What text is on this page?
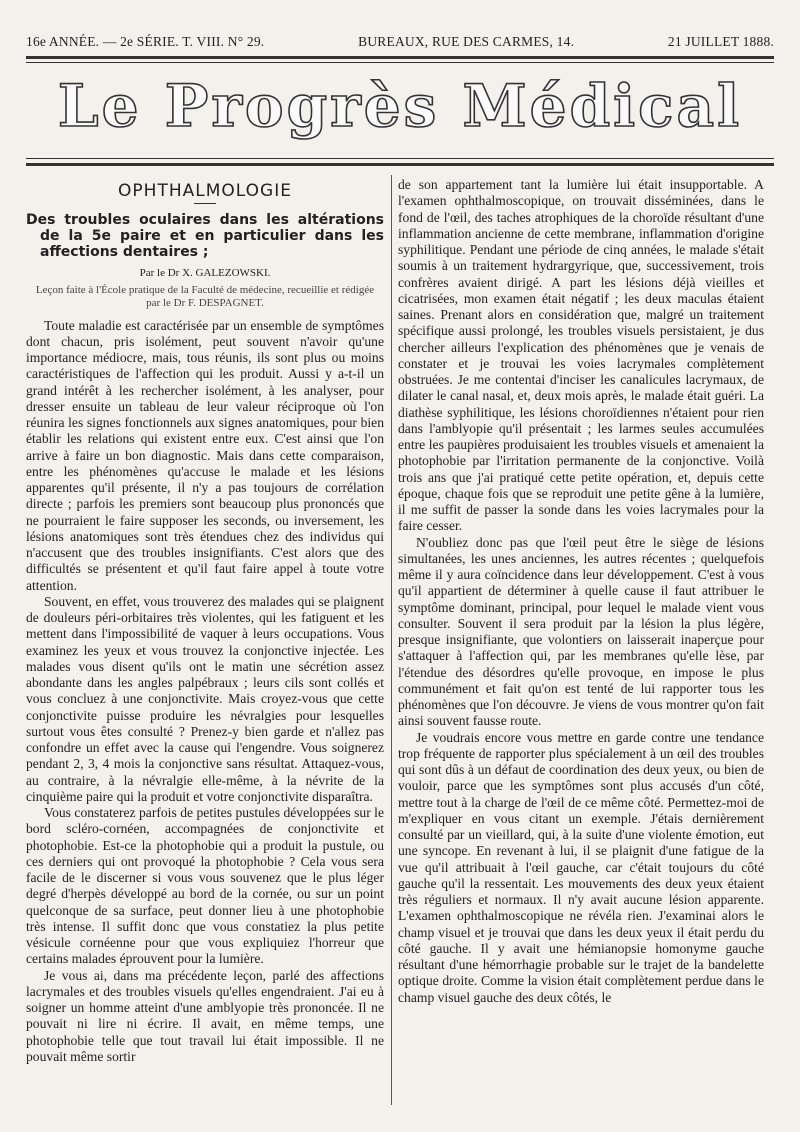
16e ANNÉE. — 2e SÉRIE. T. VIII. N° 29.	BUREAUX, RUE DES CARMES, 14.	21 JUILLET 1888.
Le Progrès Médical
OPHTHALMOLOGIE
Des troubles oculaires dans les altérations de la 5e paire et en particulier dans les affections dentaires ;
Par le Dr X. GALEZOWSKI.
Leçon faite à l'École pratique de la Faculté de médecine, recueillie et rédigée par le Dr F. DESPAGNET.

Toute maladie est caractérisée par un ensemble de symptômes dont chacun, pris isolément, peut souvent n'avoir qu'une importance médiocre, mais, tous réunis, ils sont plus ou moins caractéristiques de l'affection qui les produit. Aussi y a-t-il un grand intérêt à les rechercher isolément, à les analyser, pour dresser ensuite un tableau de leur valeur réciproque où l'on réunira les signes fonctionnels aux signes anatomiques, pour bien établir les relations qui existent entre eux. C'est ainsi que l'on arrive à faire un bon diagnostic. Mais dans cette comparaison, entre les phénomènes qu'accuse le malade et les lésions apparentes qu'il présente, il n'y a pas toujours de corrélation directe ; parfois les premiers sont beaucoup plus prononcés que ne pourraient le faire supposer les seconds, ou inversement, les lésions anatomiques sont très étendues chez des individus qui n'accusent que des troubles insignifiants. C'est alors que des difficultés se présentent et qu'il faut faire appel à toute votre attention.

Souvent, en effet, vous trouverez des malades qui se plaignent de douleurs péri-orbitaires très violentes, qui les fatiguent et les mettent dans l'impossibilité de vaquer à leurs occupations. Vous examinez les yeux et vous trouvez la conjonctive injectée. Les malades vous disent qu'ils ont le matin une sécrétion assez abondante dans les angles palpébraux ; leurs cils sont collés et vous concluez à une conjonctivite. Mais croyez-vous que cette conjonctivite puisse produire les névralgies pour lesquelles surtout vous êtes consulté ? Prenez-y bien garde et n'allez pas confondre un effet avec la cause qui l'engendre. Vous soignerez pendant 2, 3, 4 mois la conjonctive sans résultat. Attaquez-vous, au contraire, à la névralgie elle-même, à la névrite de la cinquième paire qui la produit et votre conjonctivite disparaîtra.

Vous constaterez parfois de petites pustules développées sur le bord scléro-cornéen, accompagnées de conjonctivite et photophobie. Est-ce la photophobie qui a produit la pustule, ou ces derniers qui ont provoqué la photophobie ? Cela vous sera facile de le discerner si vous vous souvenez que le plus léger degré d'herpès développé au bord de la cornée, ou sur un point quelconque de sa surface, peut donner lieu à une photophobie très intense. Il suffit donc que vous constatiez la plus petite vésicule cornéenne pour que vous expliquiez l'horreur que certains malades éprouvent pour la lumière.

Je vous ai, dans ma précédente leçon, parlé des affections lacrymales et des troubles visuels qu'elles engendraient. J'ai eu à soigner un homme atteint d'une amblyopie très prononcée. Il ne pouvait ni lire ni écrire. Il avait, en même temps, une photophobie telle que tout travail lui était impossible. Il ne pouvait même sortir

de son appartement tant la lumière lui était insupportable. A l'examen ophthalmoscopique, on trouvait disséminées, dans le fond de l'œil, des taches atrophiques de la choroïde résultant d'une inflammation ancienne de cette membrane, inflammation d'origine syphilitique. Pendant une période de cinq années, le malade s'était soumis à un traitement hydrargyrique, que, successivement, trois confrères avaient dirigé. A part les lésions déjà vieilles et cicatrisées, mon examen était négatif ; les deux maculas étaient saines. Prenant alors en considération que, malgré un traitement spécifique aussi prolongé, les troubles visuels persistaient, je dus chercher ailleurs l'explication des phénomènes que je venais de constater et je trouvai les voies lacrymales complètement obstruées. Je me contentai d'inciser les canalicules lacrymaux, de dilater le canal nasal, et, deux mois après, le malade était guéri. La diathèse syphilitique, les lésions choroïdiennes n'étaient pour rien dans l'amblyopie qu'il présentait ; les larmes seules accumulées entre les paupières produisaient les troubles visuels et amenaient la photophobie par l'irritation permanente de la conjonctive. Voilà trois ans que j'ai pratiqué cette petite opération, et, depuis cette époque, chaque fois que se reproduit une petite gêne à la lumière, il me suffit de passer la sonde dans les voies lacrymales pour la faire cesser.

N'oubliez donc pas que l'œil peut être le siège de lésions simultanées, les unes anciennes, les autres récentes ; quelquefois même il y aura coïncidence dans leur développement. C'est à vous qu'il appartient de déterminer à quelle cause il faut attribuer le symptôme dominant, principal, pour lequel le malade vient vous consulter. Souvent il sera produit par la lésion la plus légère, presque insignifiante, que volontiers on laisserait inaperçue pour s'attaquer à l'affection qui, par les membranes qu'elle lèse, par l'étendue des désordres qu'elle provoque, en impose le plus communément et fait qu'on est tenté de lui rapporter tous les phénomènes que l'on découvre. Je viens de vous montrer qu'on fait ainsi souvent fausse route.

Je voudrais encore vous mettre en garde contre une tendance trop fréquente de rapporter plus spécialement à un œil des troubles qui sont dûs à un défaut de coordination des deux yeux, ou bien de vouloir, parce que les symptômes sont plus accusés d'un côté, mettre tout à la charge de l'œil de ce même côté. Permettez-moi de m'expliquer en vous citant un exemple. J'étais dernièrement consulté par un vieillard, qui, à la suite d'une violente émotion, eut une syncope. En revenant à lui, il se plaignit d'une fatigue de la vue qu'il attribuait à l'œil gauche, car c'était toujours du côté gauche qu'il la ressentait. Les mouvements des deux yeux étaient très réguliers et normaux. Il n'y avait aucune lésion apparente. L'examen ophthalmoscopique ne révéla rien. J'examinai alors le champ visuel et je trouvai que dans les deux yeux il était perdu du côté gauche. Il y avait une hémianopsie homonyme gauche résultant d'une hémorrhagie probable sur le trajet de la bandelette optique droite. Comme la vision était complètement perdue dans le champ visuel gauche des deux côtés, le
